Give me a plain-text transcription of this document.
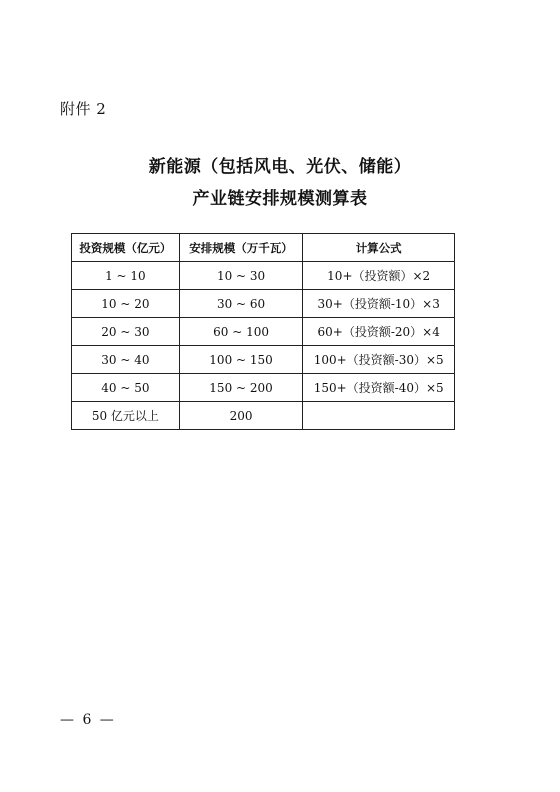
附件 2
新能源（包括风电、光伏、储能）
产业链安排规模测算表
投资规模（亿元）	安排规模（万千瓦）	计算公式
1 ~ 10	10 ~ 30	10+（投资额）×2
10 ~ 20	30 ~ 60	30+（投资额-10）×3
20 ~ 30	60 ~ 100	60+（投资额-20）×4
30 ~ 40	100 ~ 150	100+（投资额-30）×5
40 ~ 50	150 ~ 200	150+（投资额-40）×5
50 亿元以上	200	
— 6 —
